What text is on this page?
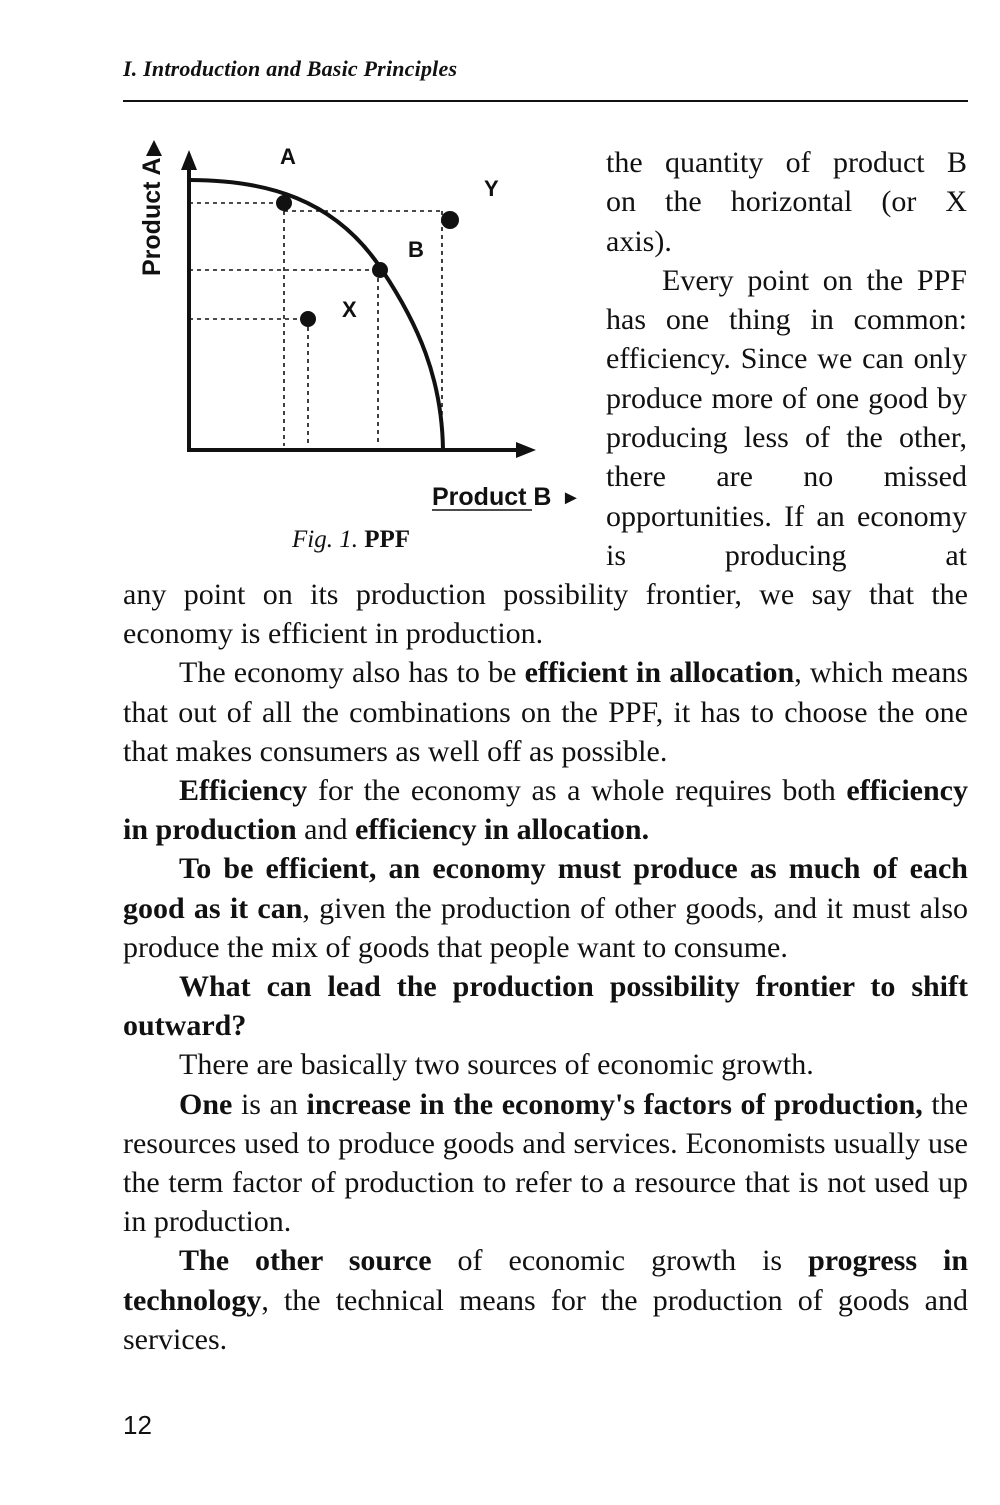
I. Introduction and Basic Principles
Product A
A
B
X
Y
Product B ►
Fig. 1. PPF

the quantity of product B

on the horizontal (or X

axis).

Every point on the PPF has one thing in common: efficiency. Since we can only produce more of one good by producing less of the other, there are no missed opportunities. If an economy is producing at

any point on its production possibility frontier, we say that the economy is efficient in production.

The economy also has to be efficient in allocation, which means that out of all the combinations on the PPF, it has to choose the one that makes consumers as well off as possible.

Efficiency for the economy as a whole requires both efficiency in production and efficiency in allocation.

To be efficient, an economy must produce as much of each good as it can, given the production of other goods, and it must also produce the mix of goods that people want to consume.

What can lead the production possibility frontier to shift outward?

There are basically two sources of economic growth.

One is an increase in the economy's factors of production, the resources used to produce goods and services. Economists usually use the term factor of production to refer to a resource that is not used up in production.

The other source of economic growth is progress in technology, the technical means for the production of goods and services.

12
